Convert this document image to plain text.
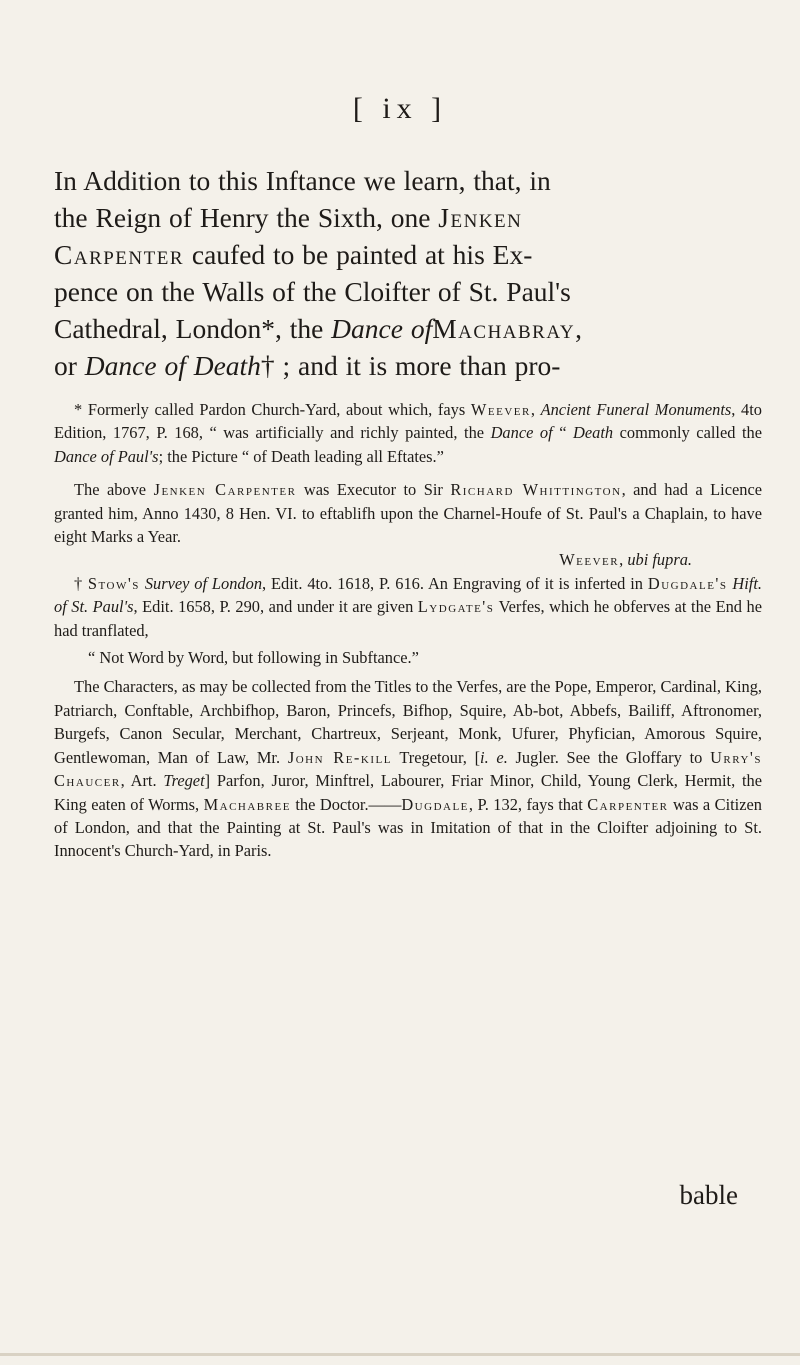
[ ix ]

In Addition to this Inftance we learn, that, in
the Reign of Henry the Sixth, one Jenken
Carpenter caufed to be painted at his Ex-
pence on the Walls of the Cloifter of St. Paul's
Cathedral, London*, the Dance ofMachabray,
or Dance of Death† ; and it is more than pro-

* Formerly called Pardon Church-Yard, about which, fays Weever, Ancient Funeral Monuments, 4to Edition, 1767, P. 168, “ was artificially and richly painted, the Dance of “ Death commonly called the Dance of Paul's; the Picture “ of Death leading all Eftates.”

The above Jenken Carpenter was Executor to Sir Richard Whittington, and had a Licence granted him, Anno 1430, 8 Hen. VI. to eftablifh upon the Charnel-Houfe of St. Paul's a Chaplain, to have eight Marks a Year.

Weever, ubi fupra.

† Stow's Survey of London, Edit. 4to. 1618, P. 616. An Engraving of it is inferted in Dugdale's Hift. of St. Paul's, Edit. 1658, P. 290, and under it are given Lydgate's Verfes, which he obferves at the End he had tranflated,

“ Not Word by Word, but following in Subftance.”

The Characters, as may be collected from the Titles to the Verfes, are the Pope, Emperor, Cardinal, King, Patriarch, Conftable, Archbifhop, Baron, Princefs, Bifhop, Squire, Ab-bot, Abbefs, Bailiff, Aftronomer, Burgefs, Canon Secular, Merchant, Chartreux, Serjeant, Monk, Ufurer, Phyfician, Amorous Squire, Gentlewoman, Man of Law, Mr. John Re-kill Tregetour, [i. e. Jugler. See the Gloffary to Urry's Chaucer, Art. Treget] Parfon, Juror, Minftrel, Labourer, Friar Minor, Child, Young Clerk, Hermit, the King eaten of Worms, Machabree the Doctor.——Dugdale, P. 132, fays that Carpenter was a Citizen of London, and that the Painting at St. Paul's was in Imitation of that in the Cloifter adjoining to St. Innocent's Church-Yard, in Paris.

bable
